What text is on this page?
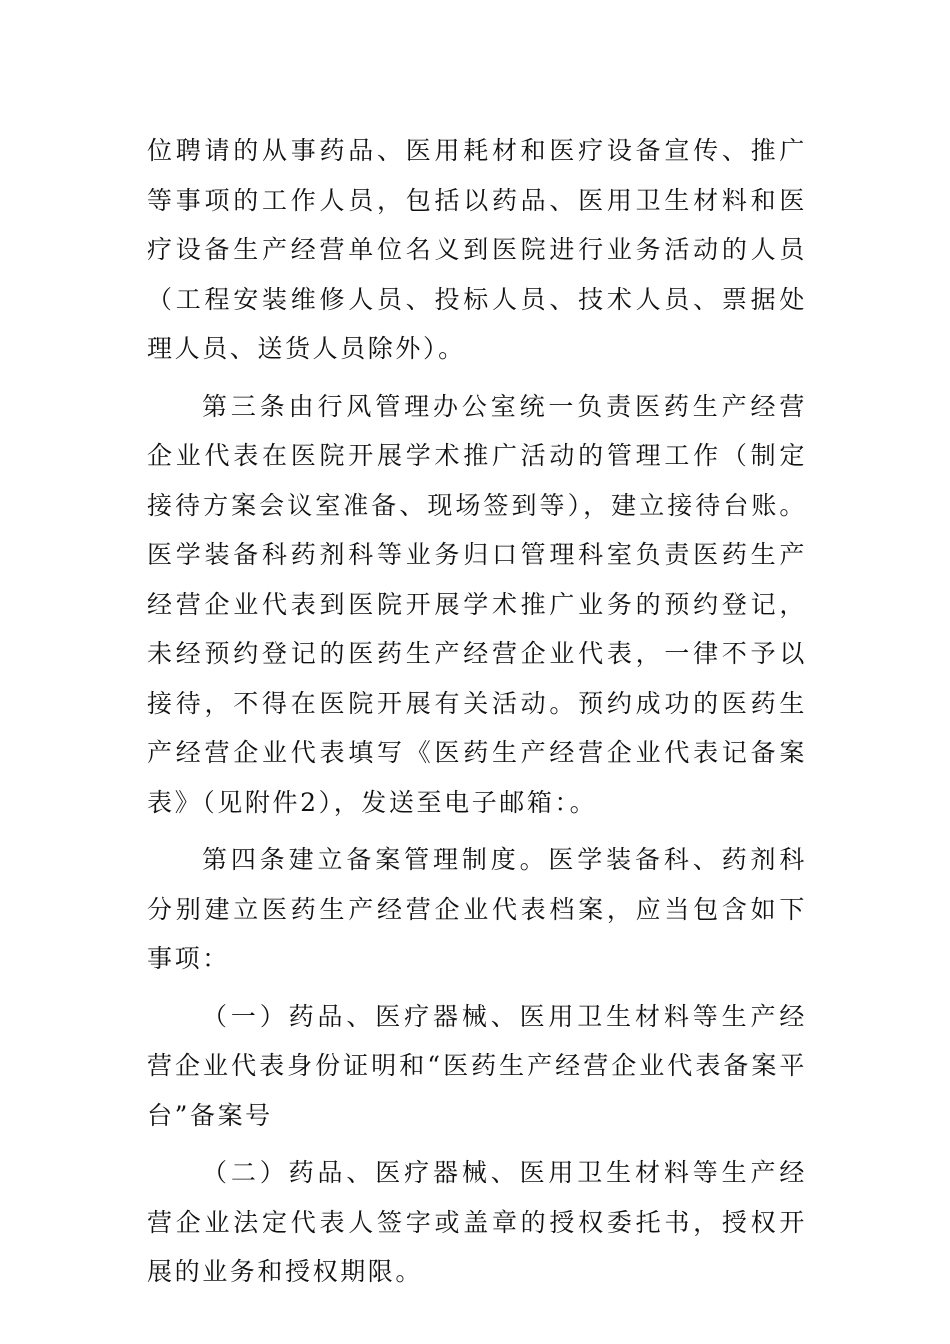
位聘请的从事药品、医用耗材和医疗设备宣传、推广等事项的工作人员，包括以药品、医用卫生材料和医疗设备生产经营单位名义到医院进行业务活动的人员（工程安装维修人员、投标人员、技术人员、票据处理人员、送货人员除外）。

第三条由行风管理办公室统一负责医药生产经营企业代表在医院开展学术推广活动的管理工作（制定接待方案会议室准备、现场签到等），建立接待台账。医学装备科药剂科等业务归口管理科室负责医药生产经营企业代表到医院开展学术推广业务的预约登记，未经预约登记的医药生产经营企业代表，一律不予以接待，不得在医院开展有关活动。预约成功的医药生产经营企业代表填写《医药生产经营企业代表记备案表》（见附件2），发送至电子邮箱：。

第四条建立备案管理制度。医学装备科、药剂科分别建立医药生产经营企业代表档案，应当包含如下事项：

（一）药品、医疗器械、医用卫生材料等生产经营企业代表身份证明和“医药生产经营企业代表备案平台”备案号

（二）药品、医疗器械、医用卫生材料等生产经营企业法定代表人签字或盖章的授权委托书，授权开展的业务和授权期限。
